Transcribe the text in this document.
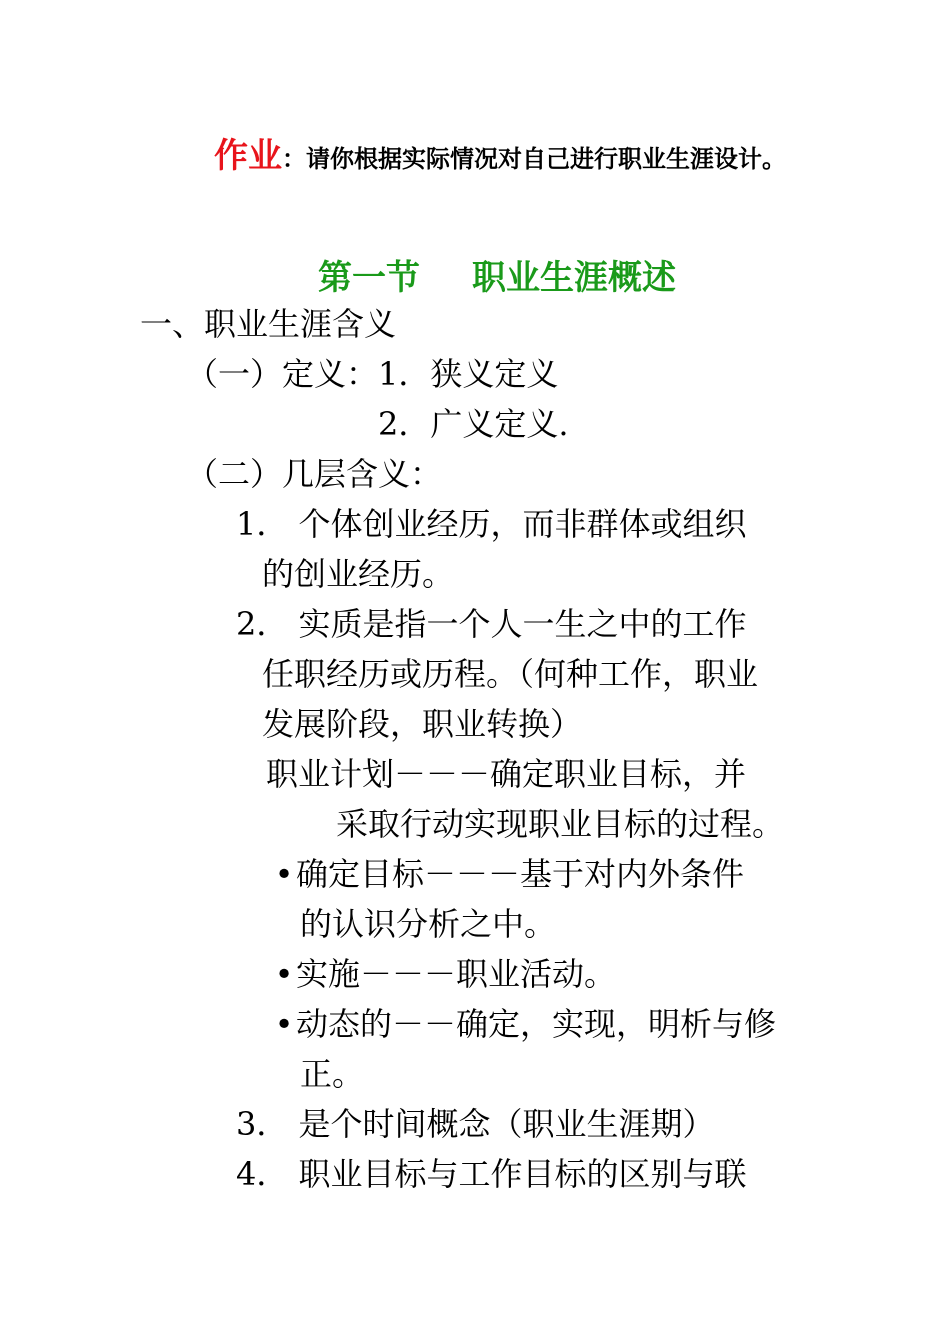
作业：请你根据实际情况对自己进行职业生涯设计。
第一节 职业生涯概述
一、职业生涯含义
（一）定义：1．狭义定义
2．广义定义.
（二）几层含义：
1． 个体创业经历，而非群体或组织
的创业经历。
2． 实质是指一个人一生之中的工作
任职经历或历程。（何种工作，职业
发展阶段，职业转换）
职业计划－－－确定职业目标，并
采取行动实现职业目标的过程。
•确定目标－－－基于对内外条件
的认识分析之中。
•实施－－－职业活动。
•动态的－－确定，实现，明析与修
正。
3． 是个时间概念（职业生涯期）
4． 职业目标与工作目标的区别与联
